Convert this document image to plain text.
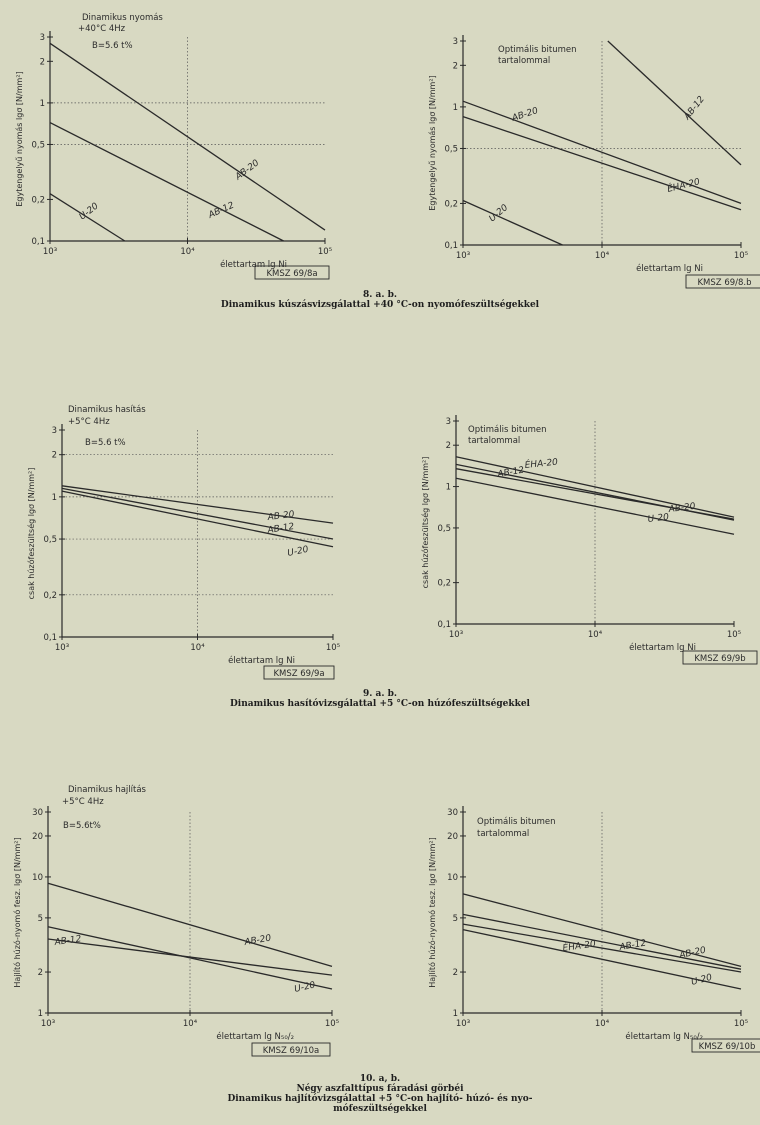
0,1
0,2
0,5
1
2
3
10³	10⁴	10⁵
AB-20
AB-12
U-20
Dinamikus nyomás
+40°C 4Hz
B=5.6 t%
Egytengelyű nyomás lgσ [N/mm²]
élettartam lg Ni
KMSZ 69/8a
0,1
0,2
0,5
1
2
3
10³	10⁴	10⁵
AB-12
AB-20
ÉHA-20
U-20
Optimális bitumen
tartalommal
Egytengelyű nyomás lgσ [N/mm²]
élettartam lg Ni
KMSZ 69/8.b
8. a. b.
Dinamikus kúszásvizsgálattal +40 °C-on nyomófeszültségekkel
0,1
0,2
0,5
1
2
3
10³	10⁴	10⁵
AB-20
AB-12
U-20
Dinamikus hasítás
+5°C 4Hz
B=5.6 t%
csak húzófeszültség lgσ [N/mm²]
élettartam lg Ni
KMSZ 69/9a
0,1
0,2
0,5
1
2
3
10³	10⁴	10⁵
ÉHA-20
AB-12
AB-20
U-20
Optimális bitumen
tartalommal
csak húzófeszültség lgσ [N/mm²]
élettartam lg Ni
KMSZ 69/9b
9. a. b.
Dinamikus hasítóvizsgálattal +5 °C-on húzófeszültségekkel
1
2
5
10
20
30
10³	10⁴	10⁵
AB-20
AB-12
U-20
Dinamikus hajlítás
+5°C 4Hz
B=5.6t%
Hajlító húzó-nyomó fesz. lgσ [N/mm²]
élettartam lg N₅₀/₂
KMSZ 69/10a
1
2
5
10
20
30
10³	10⁴	10⁵
AB-20
AB-12
ÉHA-20
U-20
Optimális bitumen
tartalommal
Hajlító húzó-nyomó tesz. lgσ [N/mm²]
élettartam lg N₅₀/₂
KMSZ 69/10b
10. a, b.
Négy aszfalttípus fáradási görbéi
Dinamikus hajlítóvizsgálattal +5 °C-on hajlító- húzó- és nyo-
mófeszültségekkel
